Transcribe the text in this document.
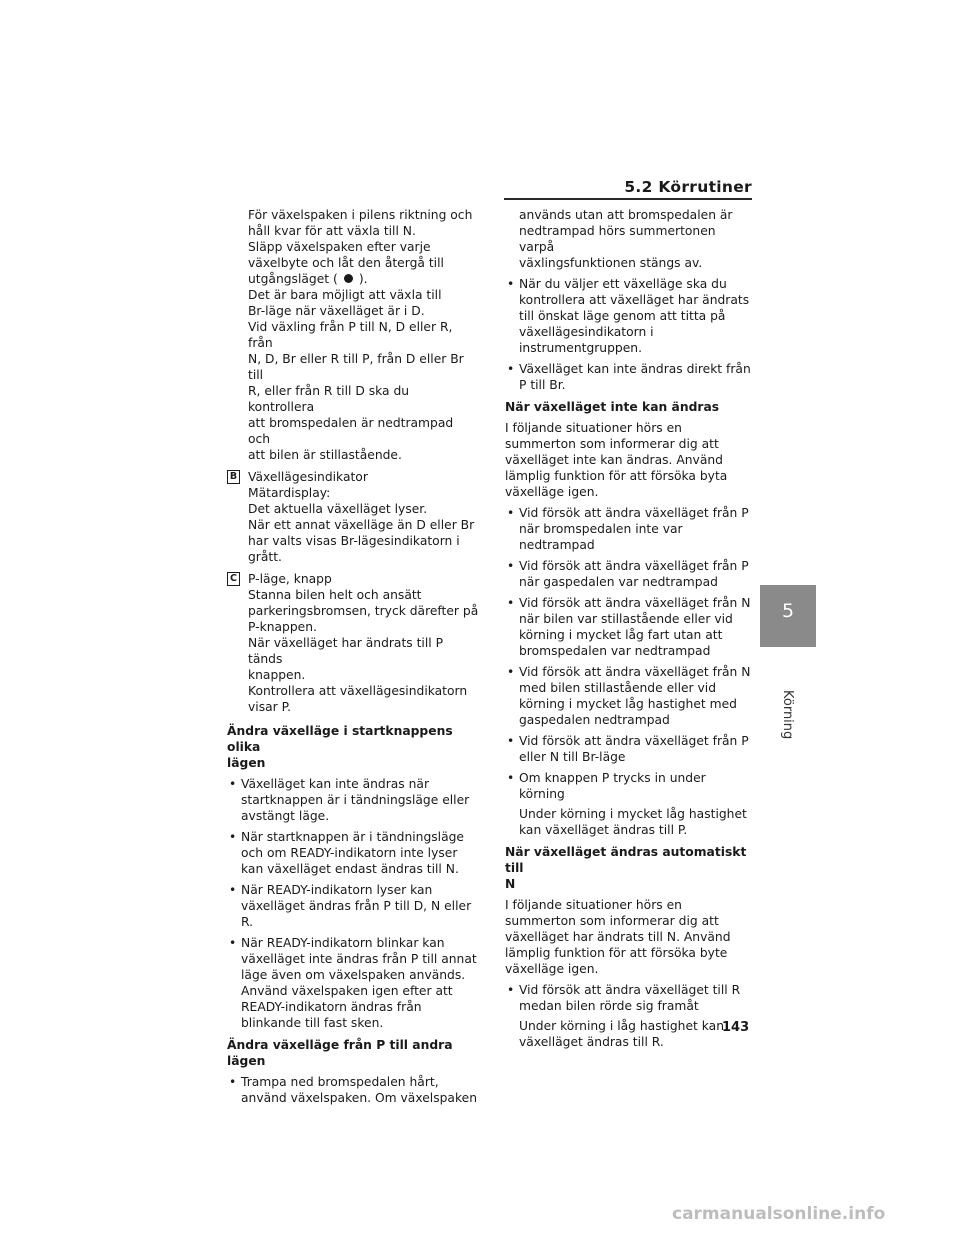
5.2 Körrutiner
5
Körning

För växelspaken i pilens riktning och

håll kvar för att växla till N.

Släpp växelspaken efter varje

växelbyte och låt den återgå till

utgångsläget ( ).

Det är bara möjligt att växla till

Br-läge när växelläget är i D.

Vid växling från P till N, D eller R, från

N, D, Br eller R till P, från D eller Br till

R, eller från R till D ska du kontrollera

att bromspedalen är nedtrampad och

att bilen är stillastående.

B Växellägesindikator

Mätardisplay:

Det aktuella växelläget lyser.

När ett annat växelläge än D eller Br

har valts visas Br-lägesindikatorn i

grått.

C P-läge, knapp

Stanna bilen helt och ansätt

parkeringsbromsen, tryck därefter på

P-knappen.

När växelläget har ändrats till P tänds

knappen.

Kontrollera att växellägesindikatorn

visar P.

Ändra växelläge i startknappens olika

lägen

• Växelläget kan inte ändras när

startknappen är i tändningsläge eller

avstängt läge.

• När startknappen är i tändningsläge

och om READY-indikatorn inte lyser

kan växelläget endast ändras till N.

• När READY-indikatorn lyser kan

växelläget ändras från P till D, N eller

R.

• När READY-indikatorn blinkar kan

växelläget inte ändras från P till annat

läge även om växelspaken används.

Använd växelspaken igen efter att

READY-indikatorn ändras från

blinkande till fast sken.

Ändra växelläge från P till andra lägen

• Trampa ned bromspedalen hårt,

använd växelspaken. Om växelspaken

används utan att bromspedalen är

nedtrampad hörs summertonen varpå

växlingsfunktionen stängs av.

• När du väljer ett växelläge ska du

kontrollera att växelläget har ändrats

till önskat läge genom att titta på

växellägesindikatorn i

instrumentgruppen.

• Växelläget kan inte ändras direkt från

P till Br.

När växelläget inte kan ändras

I följande situationer hörs en

summerton som informerar dig att

växelläget inte kan ändras. Använd

lämplig funktion för att försöka byta

växelläge igen.

• Vid försök att ändra växelläget från P

när bromspedalen inte var

nedtrampad

• Vid försök att ändra växelläget från P

när gaspedalen var nedtrampad

• Vid försök att ändra växelläget från N

när bilen var stillastående eller vid

körning i mycket låg fart utan att

bromspedalen var nedtrampad

• Vid försök att ändra växelläget från N

med bilen stillastående eller vid

körning i mycket låg hastighet med

gaspedalen nedtrampad

• Vid försök att ändra växelläget från P

eller N till Br-läge

• Om knappen P trycks in under körning

Under körning i mycket låg hastighet

kan växelläget ändras till P.

När växelläget ändras automatiskt till

N

I följande situationer hörs en

summerton som informerar dig att

växelläget har ändrats till N. Använd

lämplig funktion för att försöka byte

växelläge igen.

• Vid försök att ändra växelläget till R

medan bilen rörde sig framåt

Under körning i låg hastighet kan

växelläget ändras till R.

143
carmanualsonline.info
